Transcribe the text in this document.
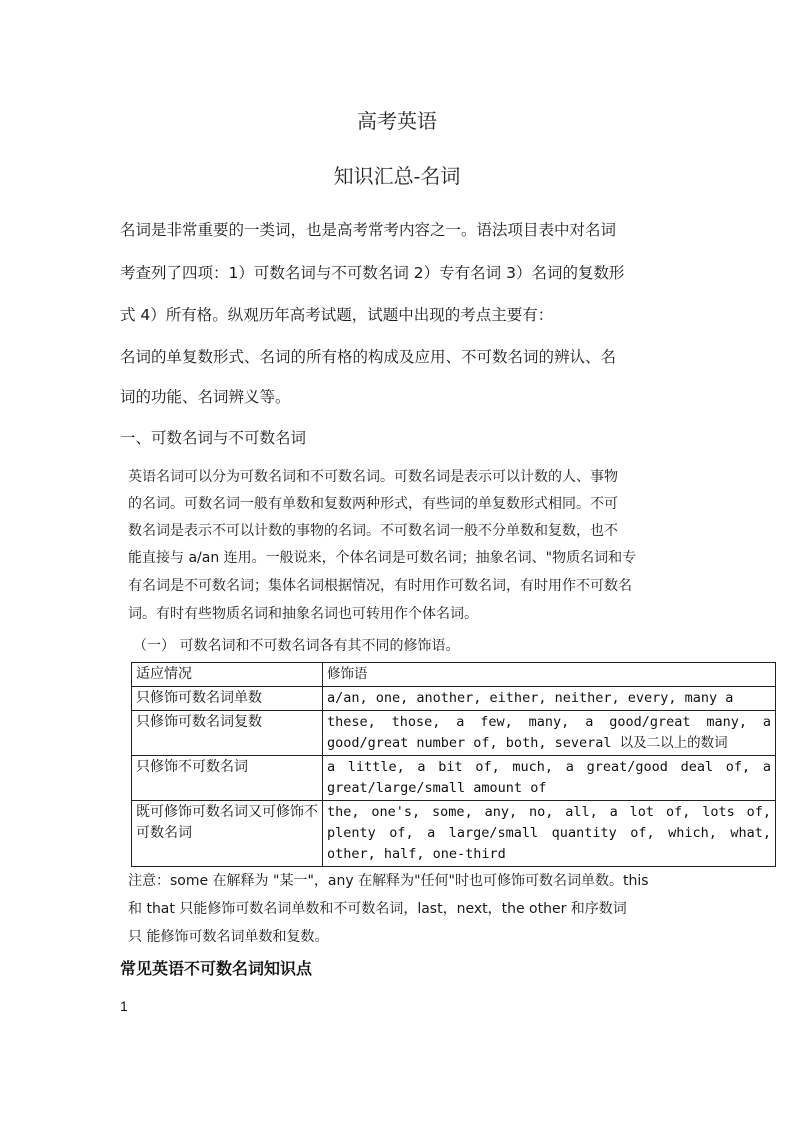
高考英语
知识汇总-名词
名词是非常重要的一类词，也是高考常考内容之一。语法项目表中对名词
考查列了四项：1）可数名词与不可数名词 2）专有名词 3）名词的复数形
式 4）所有格。纵观历年高考试题，试题中出现的考点主要有：
名词的单复数形式、名词的所有格的构成及应用、不可数名词的辨认、名
词的功能、名词辨义等。
一、可数名词与不可数名词
英语名词可以分为可数名词和不可数名词。可数名词是表示可以计数的人、事物
的名词。可数名词一般有单数和复数两种形式，有些词的单复数形式相同。不可
数名词是表示不可以计数的事物的名词。不可数名词一般不分单数和复数，也不
能直接与 a/an 连用。一般说来，个体名词是可数名词；抽象名词、"物质名词和专
有名词是不可数名词；集体名词根据情况，有时用作可数名词，有时用作不可数名
词。有时有些物质名词和抽象名词也可转用作个体名词。
（一） 可数名词和不可数名词各有其不同的修饰语。
适应情况	修饰语
只修饰可数名词单数	a/an, one, another, either, neither, every, many a
只修饰可数名词复数	these, those, a few, many, a good/great many, a good/great number of, both, several 以及二以上的数词
只修饰不可数名词	a little, a bit of, much, a great/good deal of, a great/large/small amount of
既可修饰可数名词又可修饰不可数名词	the, one's, some, any, no, all, a lot of, lots of, plenty of, a large/small quantity of, which, what, other, half, one-third
注意：some 在解释为 "某一"，any 在解释为"任何"时也可修饰可数名词单数。this
和 that 只能修饰可数名词单数和不可数名词，last，next，the other 和序数词
只 能修饰可数名词单数和复数。
常见英语不可数名词知识点
1
